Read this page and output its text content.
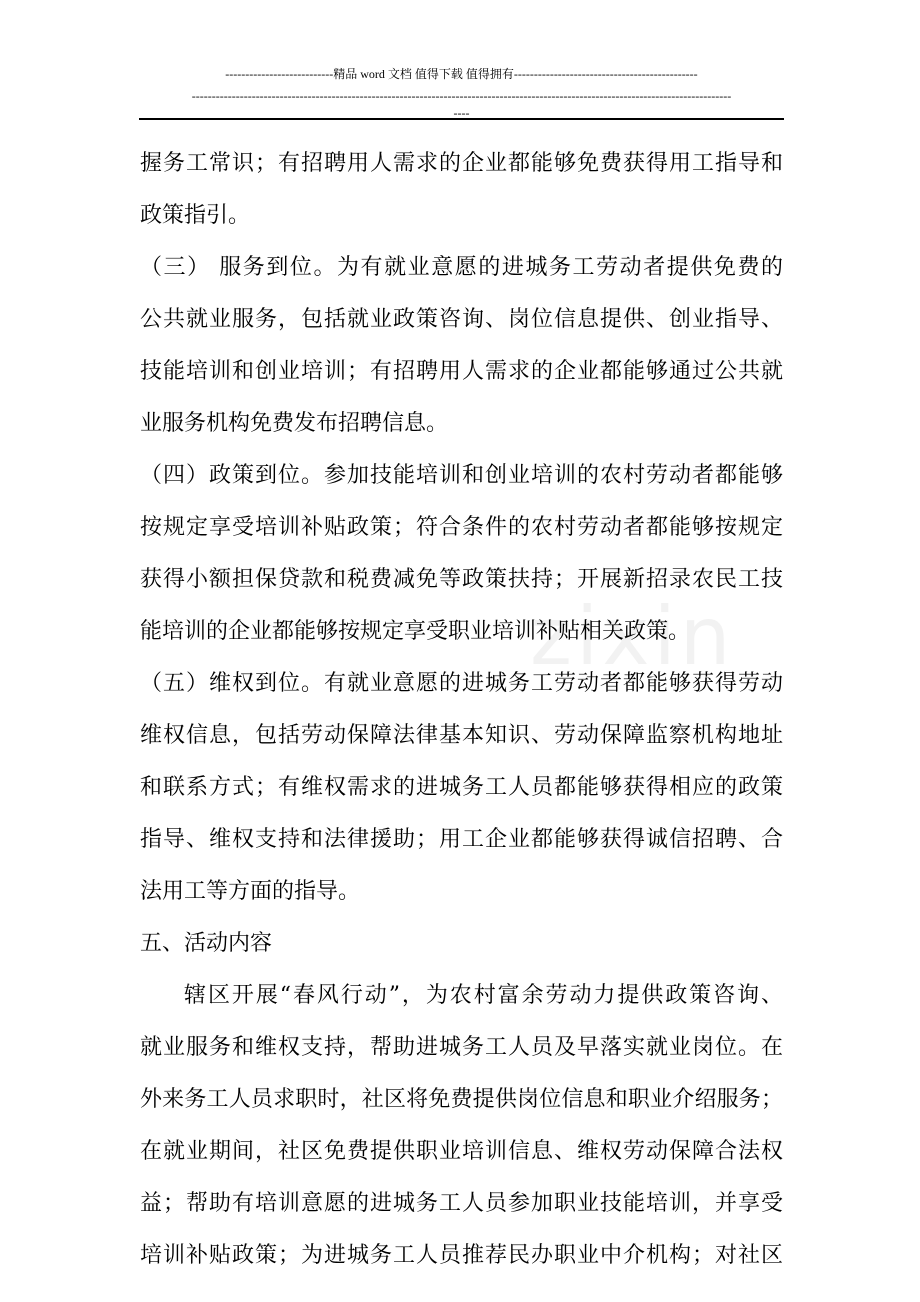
---------------------------精品 word 文档 值得下载 值得拥有----------------------------------------------
---------------------------------------------------------------------------------------------------------------------------------------
----
zixin
握务工常识；有招聘用人需求的企业都能够免费获得用工指导和
政策指引。
（三） 服务到位。为有就业意愿的进城务工劳动者提供免费的
公共就业服务，包括就业政策咨询、岗位信息提供、创业指导、
技能培训和创业培训；有招聘用人需求的企业都能够通过公共就
业服务机构免费发布招聘信息。
（四）政策到位。参加技能培训和创业培训的农村劳动者都能够
按规定享受培训补贴政策；符合条件的农村劳动者都能够按规定
获得小额担保贷款和税费减免等政策扶持；开展新招录农民工技
能培训的企业都能够按规定享受职业培训补贴相关政策。
（五）维权到位。有就业意愿的进城务工劳动者都能够获得劳动
维权信息，包括劳动保障法律基本知识、劳动保障监察机构地址
和联系方式；有维权需求的进城务工人员都能够获得相应的政策
指导、维权支持和法律援助；用工企业都能够获得诚信招聘、合
法用工等方面的指导。
五、活动内容
辖区开展“春风行动”，为农村富余劳动力提供政策咨询、
就业服务和维权支持，帮助进城务工人员及早落实就业岗位。在
外来务工人员求职时，社区将免费提供岗位信息和职业介绍服务；
在就业期间，社区免费提供职业培训信息、维权劳动保障合法权
益；帮助有培训意愿的进城务工人员参加职业技能培训，并享受
培训补贴政策；为进城务工人员推荐民办职业中介机构；对社区
